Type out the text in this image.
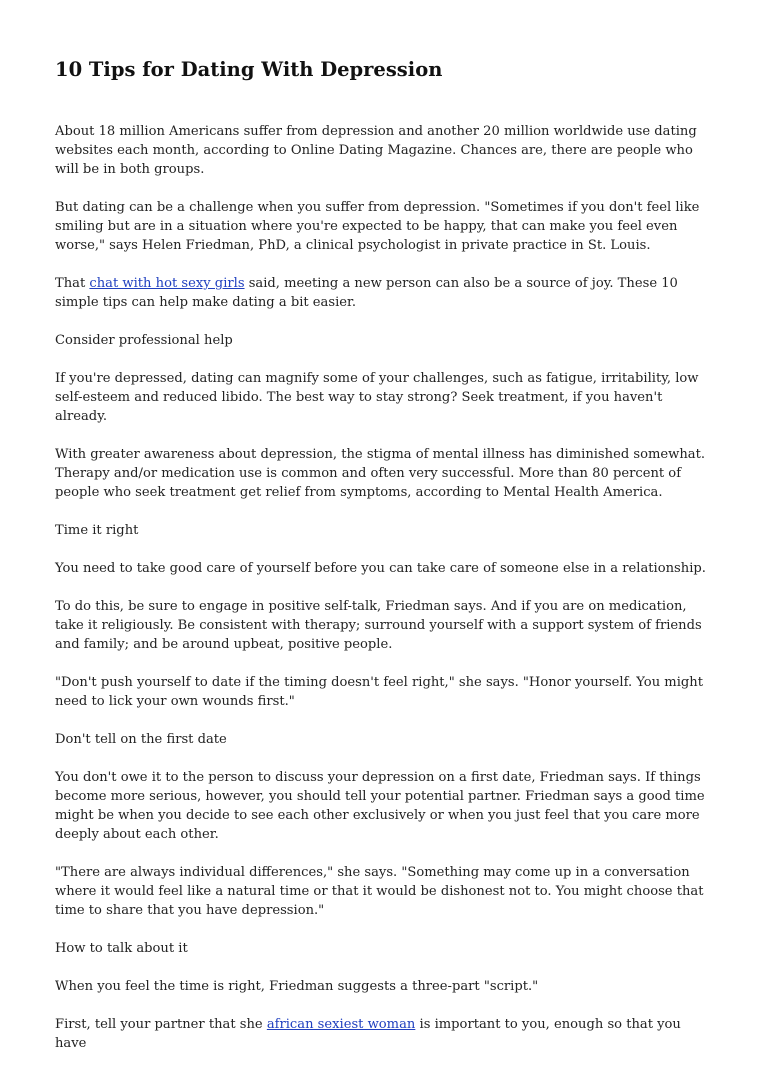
10 Tips for Dating With Depression

About 18 million Americans suffer from depression and another 20 million worldwide use dating websites each month, according to Online Dating Magazine. Chances are, there are people who will be in both groups.

But dating can be a challenge when you suffer from depression. "Sometimes if you don't feel like smiling but are in a situation where you're expected to be happy, that can make you feel even worse," says Helen Friedman, PhD, a clinical psychologist in private practice in St. Louis.

That chat with hot sexy girls said, meeting a new person can also be a source of joy. These 10 simple tips can help make dating a bit easier.

Consider professional help

If you're depressed, dating can magnify some of your challenges, such as fatigue, irritability, low self-esteem and reduced libido. The best way to stay strong? Seek treatment, if you haven't already.

With greater awareness about depression, the stigma of mental illness has diminished somewhat. Therapy and/or medication use is common and often very successful. More than 80 percent of people who seek treatment get relief from symptoms, according to Mental Health America.

Time it right

You need to take good care of yourself before you can take care of someone else in a relationship.

To do this, be sure to engage in positive self-talk, Friedman says. And if you are on medication, take it religiously. Be consistent with therapy; surround yourself with a support system of friends and family; and be around upbeat, positive people.

"Don't push yourself to date if the timing doesn't feel right," she says. "Honor yourself. You might need to lick your own wounds first."

Don't tell on the first date

You don't owe it to the person to discuss your depression on a first date, Friedman says. If things become more serious, however, you should tell your potential partner. Friedman says a good time might be when you decide to see each other exclusively or when you just feel that you care more deeply about each other.

"There are always individual differences," she says. "Something may come up in a conversation where it would feel like a natural time or that it would be dishonest not to. You might choose that time to share that you have depression."

How to talk about it

When you feel the time is right, Friedman suggests a three-part "script."

First, tell your partner that she african sexiest woman is important to you, enough so that you have
